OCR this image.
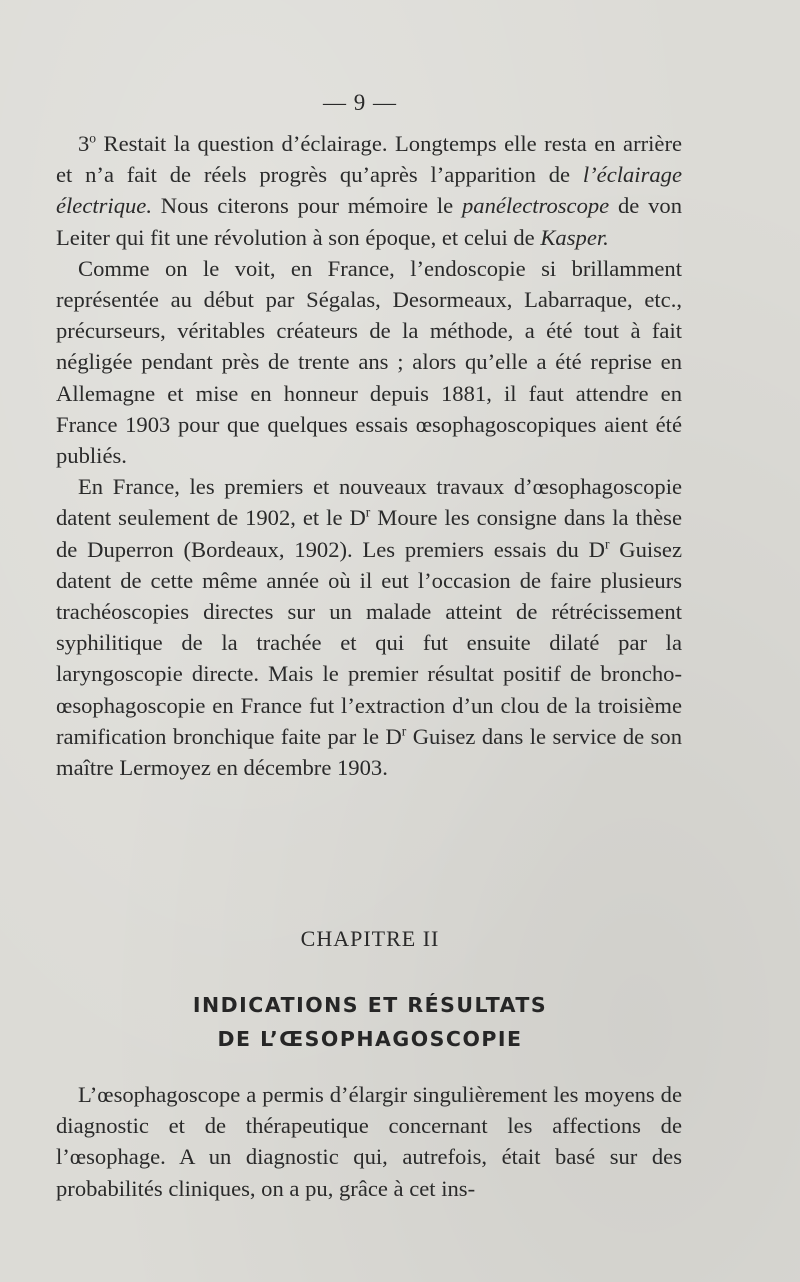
— 9 —

3$^o$ Restait la question d’éclairage. Longtemps elle resta en arrière et n’a fait de réels progrès qu’après l’apparition de l’éclairage électrique. Nous citerons pour mémoire le panélectroscope de von Leiter qui fit une révolution à son époque, et celui de Kasper.

Comme on le voit, en France, l’endoscopie si brillamment représentée au début par Ségalas, Desormeaux, Labarraque, etc., précurseurs, véritables créateurs de la méthode, a été tout à fait négligée pendant près de trente ans ; alors qu’elle a été reprise en Allemagne et mise en honneur depuis 1881, il faut attendre en France 1903 pour que quelques essais œsophagoscopiques aient été publiés.

En France, les premiers et nouveaux travaux d’œsophagoscopie datent seulement de 1902, et le $D^r$ Moure les consigne dans la thèse de Duperron (Bordeaux, 1902). Les premiers essais du $D^r$ Guisez datent de cette même année où il eut l’occasion de faire plusieurs trachéoscopies directes sur un malade atteint de rétrécissement syphilitique de la trachée et qui fut ensuite dilaté par la laryngoscopie directe. Mais le premier résultat positif de broncho-œsophagoscopie en France fut l’extraction d’un clou de la troisième ramification bronchique faite par le $D^r$ Guisez dans le service de son maître Lermoyez en décembre 1903.

CHAPITRE II
INDICATIONS ET RÉSULTATS
DE L’ŒSOPHAGOSCOPIE

L’œsophagoscope a permis d’élargir singulièrement les moyens de diagnostic et de thérapeutique concernant les affections de l’œsophage. A un diagnostic qui, autrefois, était basé sur des probabilités cliniques, on a pu, grâce à cet ins-
